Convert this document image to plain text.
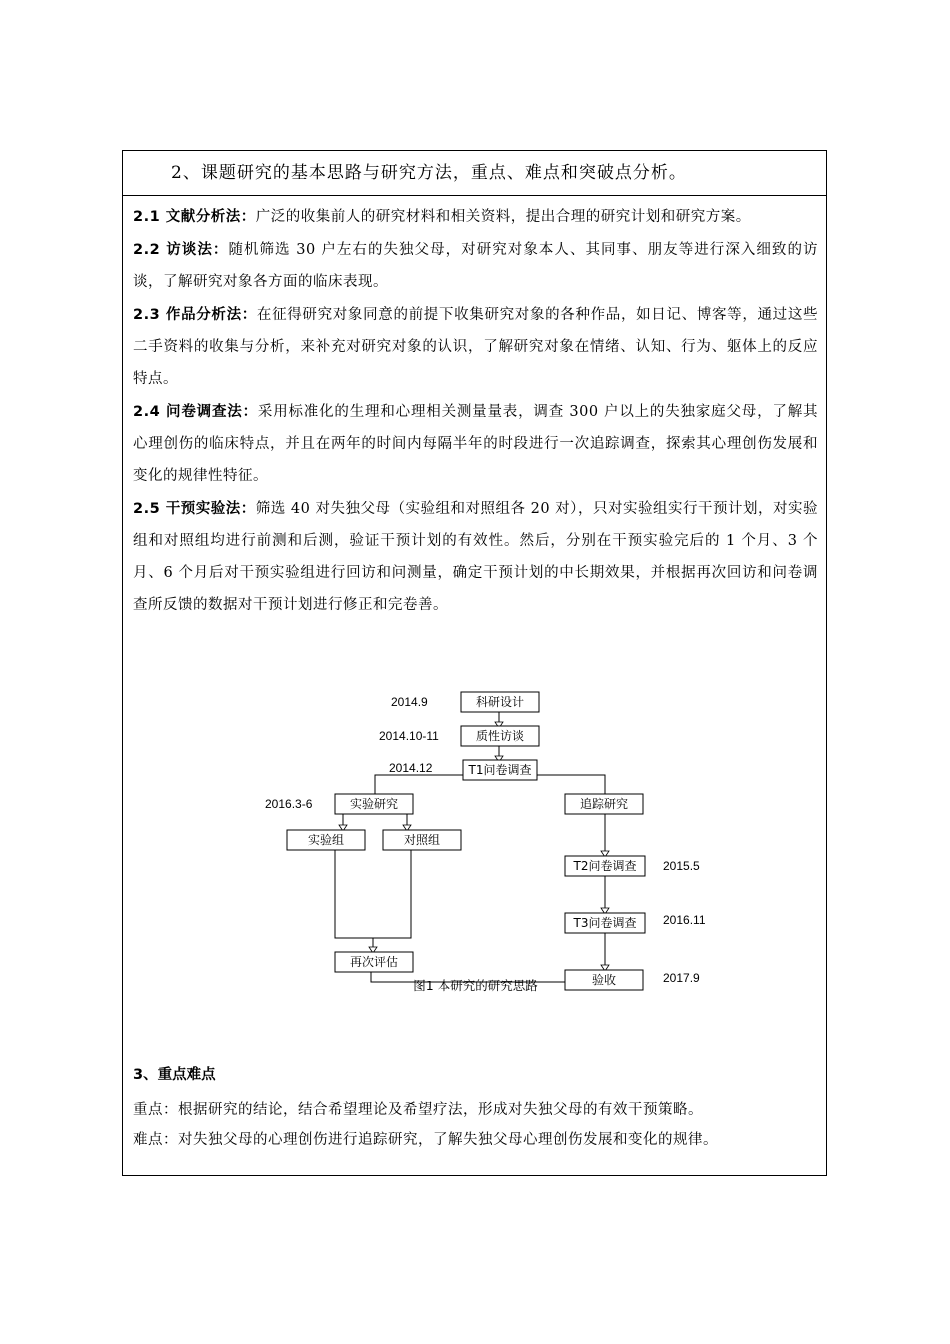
2、课题研究的基本思路与研究方法，重点、难点和突破点分析。

2.1 文献分析法：广泛的收集前人的研究材料和相关资料，提出合理的研究计划和研究方案。

2.2 访谈法：随机筛选 30 户左右的失独父母，对研究对象本人、其同事、朋友等进行深入细致的访谈，了解研究对象各方面的临床表现。

2.3 作品分析法：在征得研究对象同意的前提下收集研究对象的各种作品，如日记、博客等，通过这些二手资料的收集与分析，来补充对研究对象的认识，了解研究对象在情绪、认知、行为、躯体上的反应特点。

2.4 问卷调查法：采用标准化的生理和心理相关测量量表，调查 300 户以上的失独家庭父母，了解其心理创伤的临床特点，并且在两年的时间内每隔半年的时段进行一次追踪调查，探索其心理创伤发展和变化的规律性特征。

2.5 干预实验法：筛选 40 对失独父母（实验组和对照组各 20 对），只对实验组实行干预计划，对实验组和对照组均进行前测和后测，验证干预计划的有效性。然后，分别在干预实验完后的 1 个月、3 个月、6 个月后对干预实验组进行回访和问测量，确定干预计划的中长期效果，并根据再次回访和问卷调查所反馈的数据对干预计划进行修正和完卷善。

科研设计
质性访谈
T1问卷调查
实验研究	追踪研究
实验组	对照组
T2问卷调查
T3问卷调查
再次评估
验收
2014.9
2014.10-11
2014.12
2016.3-6
2015.5
2016.11
2017.9
图1 本研究的研究思路
3、重点难点
重点：根据研究的结论，结合希望理论及希望疗法，形成对失独父母的有效干预策略。
难点：对失独父母的心理创伤进行追踪研究，了解失独父母心理创伤发展和变化的规律。
